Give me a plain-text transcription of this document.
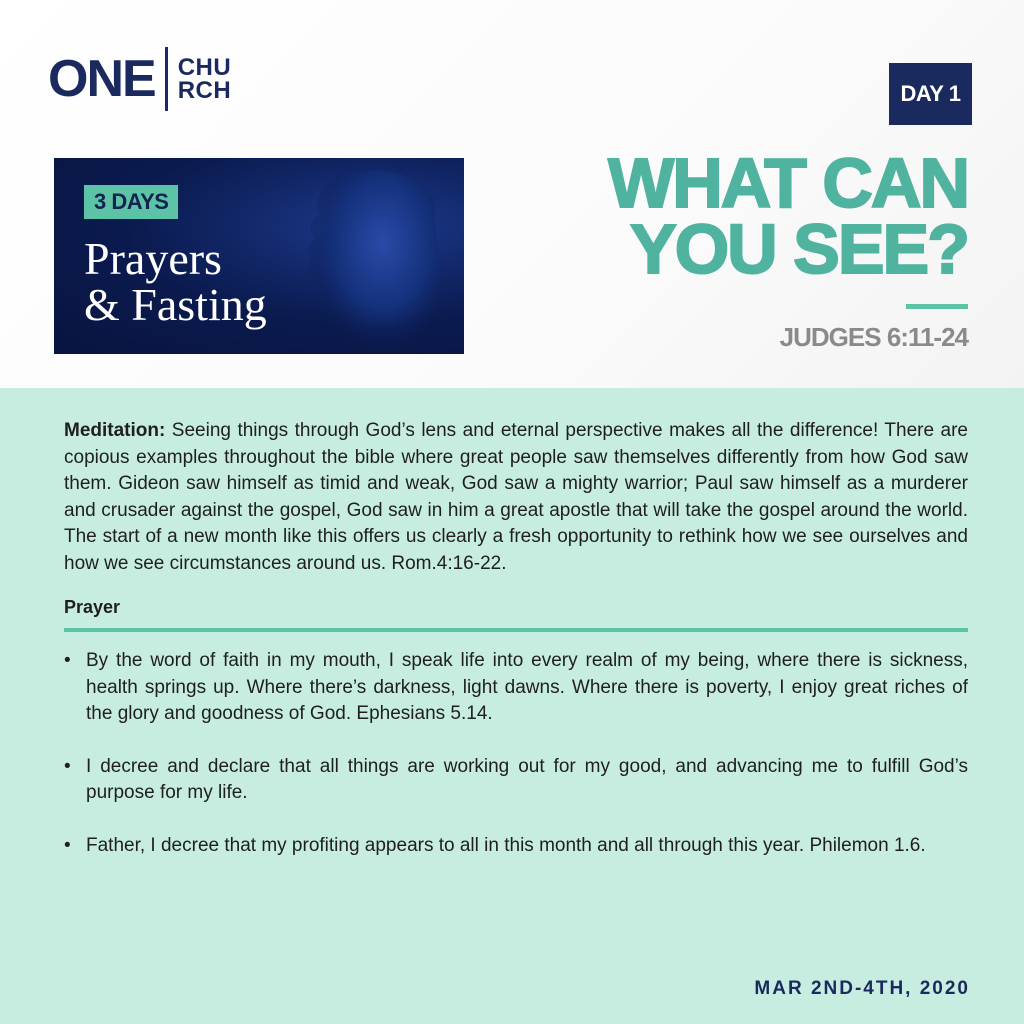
ONE CHU
RCH	DAY 1
3 DAYS
Prayers
& Fasting
WHAT CAN
YOU SEE?
JUDGES 6:11-24

Meditation: Seeing things through God’s lens and eternal perspective makes all the difference! There are copious examples throughout the bible where great people saw themselves differently from how God saw them. Gideon saw himself as timid and weak, God saw a mighty warrior; Paul saw himself as a murderer and crusader against the gospel, God saw in him a great apostle that will take the gospel around the world. The start of a new month like this offers us clearly a fresh opportunity to rethink how we see ourselves and how we see circumstances around us. Rom.4:16-22.

Prayer
• By the word of faith in my mouth, I speak life into every realm of my being, where there is sickness, health springs up. Where there’s darkness, light dawns. Where there is poverty, I enjoy great riches of the glory and goodness of God. Ephesians 5.14.
• I decree and declare that all things are working out for my good, and advancing me to fulfill God’s purpose for my life.
• Father, I decree that my profiting appears to all in this month and all through this year. Philemon 1.6.
MAR 2ND-4TH, 2020
